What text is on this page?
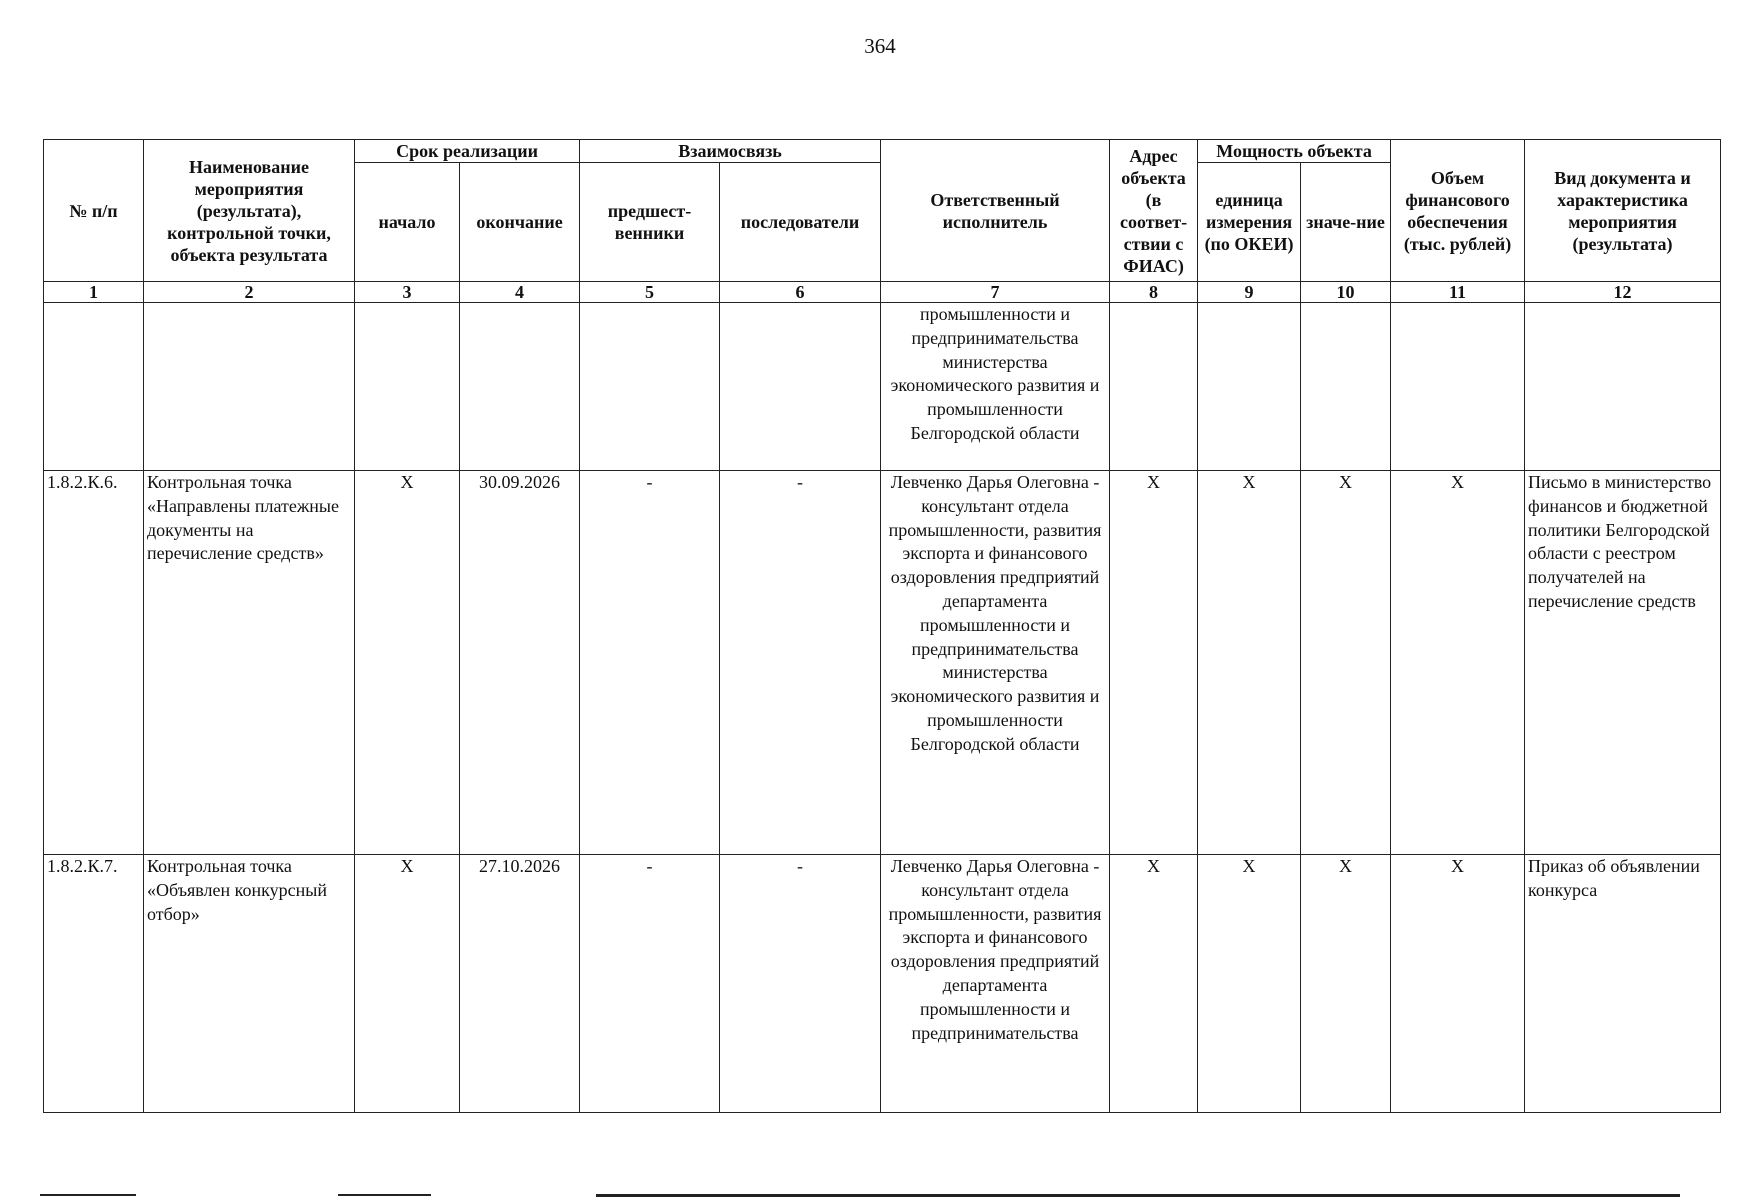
364
№ п/п	Наименование мероприятия (результата), контрольной точки, объекта результата	Срок реализации		Взаимосвязь		Ответственный исполнитель	Адрес объекта (в соответ-ствии с ФИАС)	Мощность объекта		Объем финансового обеспечения (тыс. рублей)	Вид документа и характеристика мероприятия (результата)
		начало	окончание	предшест-венники	последователи			единица измерения (по ОКЕИ)	значе-ние		
1	2	3	4	5	6	7	8	9	10	11	12
						промышленности и предпринимательства министерства экономического развития и промышленности Белгородской области					
1.8.2.К.6.	Контрольная точка «Направлены платежные документы на перечисление средств»	X	30.09.2026	-	-	Левченко Дарья Олеговна - консультант отдела промышленности, развития экспорта и финансового оздоровления предприятий департамента промышленности и предпринимательства министерства экономического развития и промышленности Белгородской области	X	X	X	X	Письмо в министерство финансов и бюджетной политики Белгородской области с реестром получателей на перечисление средств
1.8.2.К.7.	Контрольная точка «Объявлен конкурсный отбор»	X	27.10.2026	-	-	Левченко Дарья Олеговна - консультант отдела промышленности, развития экспорта и финансового оздоровления предприятий департамента промышленности и предпринимательства	X	X	X	X	Приказ об объявлении конкурса
